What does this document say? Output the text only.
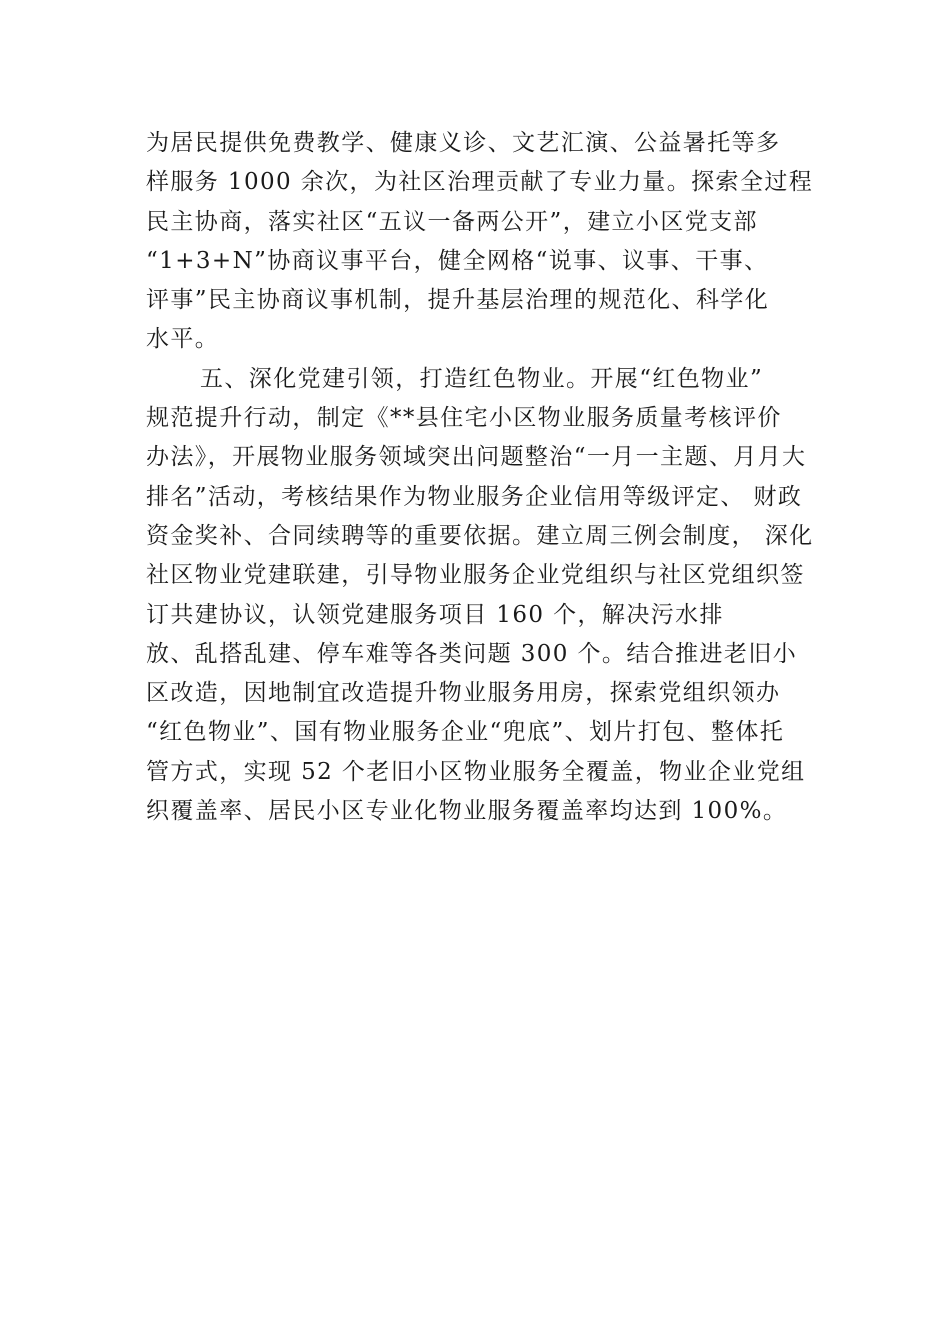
为居民提供免费教学、健康义诊、文艺汇演、公益暑托等多
样服务 1000 余次，为社区治理贡献了专业力量。探索全过程
民主协商，落实社区“五议一备两公开”，建立小区党支部
“1+3+N”协商议事平台，健全网格“说事、议事、干事、
评事”民主协商议事机制，提升基层治理的规范化、科学化
水平。
五、深化党建引领，打造红色物业。开展“红色物业”
规范提升行动，制定《**县住宅小区物业服务质量考核评价
办法》，开展物业服务领域突出问题整治“一月一主题、月月大
排名”活动，考核结果作为物业服务企业信用等级评定、 财政
资金奖补、合同续聘等的重要依据。建立周三例会制度， 深化
社区物业党建联建，引导物业服务企业党组织与社区党组织签
订共建协议，认领党建服务项目 160 个，解决污水排
放、乱搭乱建、停车难等各类问题 300 个。结合推进老旧小
区改造，因地制宜改造提升物业服务用房，探索党组织领办
“红色物业”、国有物业服务企业“兜底”、划片打包、整体托
管方式，实现 52 个老旧小区物业服务全覆盖，物业企业党组
织覆盖率、居民小区专业化物业服务覆盖率均达到 100%。
